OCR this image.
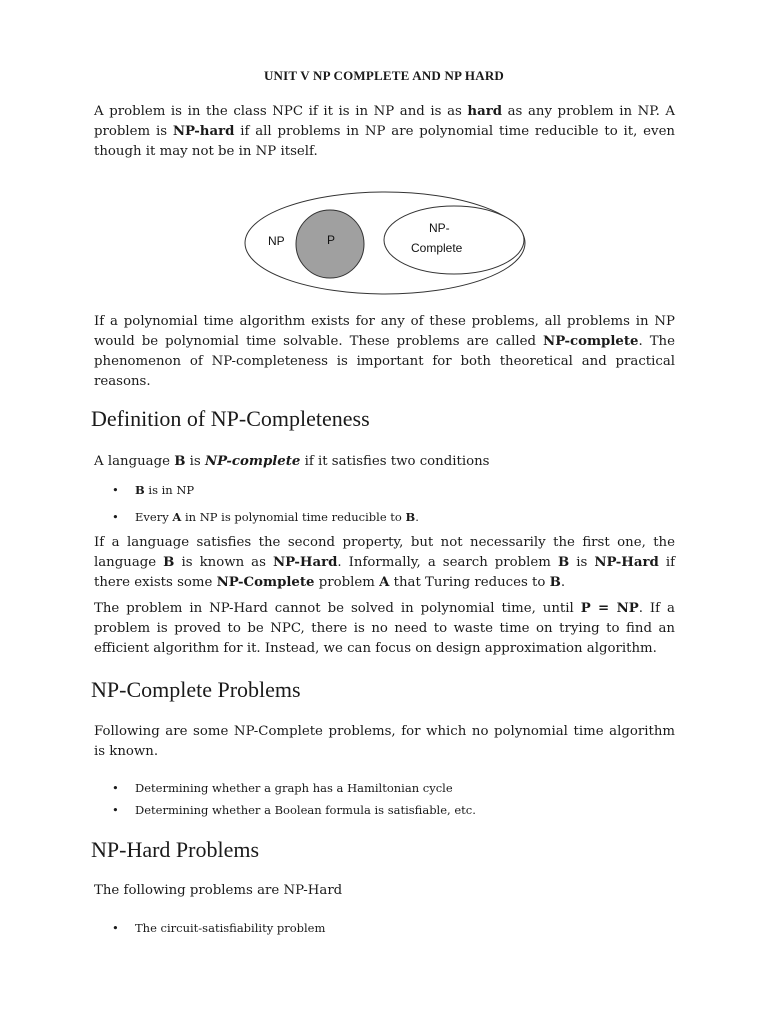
UNIT V NP COMPLETE AND NP HARD

A problem is in the class NPC if it is in NP and is as hard as any problem in NP. A problem is NP-hard if all problems in NP are polynomial time reducible to it, even though it may not be in NP itself.

NP	P
NP-
Complete

If a polynomial time algorithm exists for any of these problems, all problems in NP would be polynomial time solvable. These problems are called NP-complete. The phenomenon of NP-completeness is important for both theoretical and practical reasons.

Definition of NP-Completeness

A language B is NP-complete if it satisfies two conditions

• B is in NP
• Every A in NP is polynomial time reducible to B.

If a language satisfies the second property, but not necessarily the first one, the language B is known as NP-Hard. Informally, a search problem B is NP-Hard if there exists some NP-Complete problem A that Turing reduces to B.

The problem in NP-Hard cannot be solved in polynomial time, until P = NP. If a problem is proved to be NPC, there is no need to waste time on trying to find an efficient algorithm for it. Instead, we can focus on design approximation algorithm.

NP-Complete Problems

Following are some NP-Complete problems, for which no polynomial time algorithm is known.

• Determining whether a graph has a Hamiltonian cycle
• Determining whether a Boolean formula is satisfiable, etc.
NP-Hard Problems

The following problems are NP-Hard

• The circuit-satisfiability problem
